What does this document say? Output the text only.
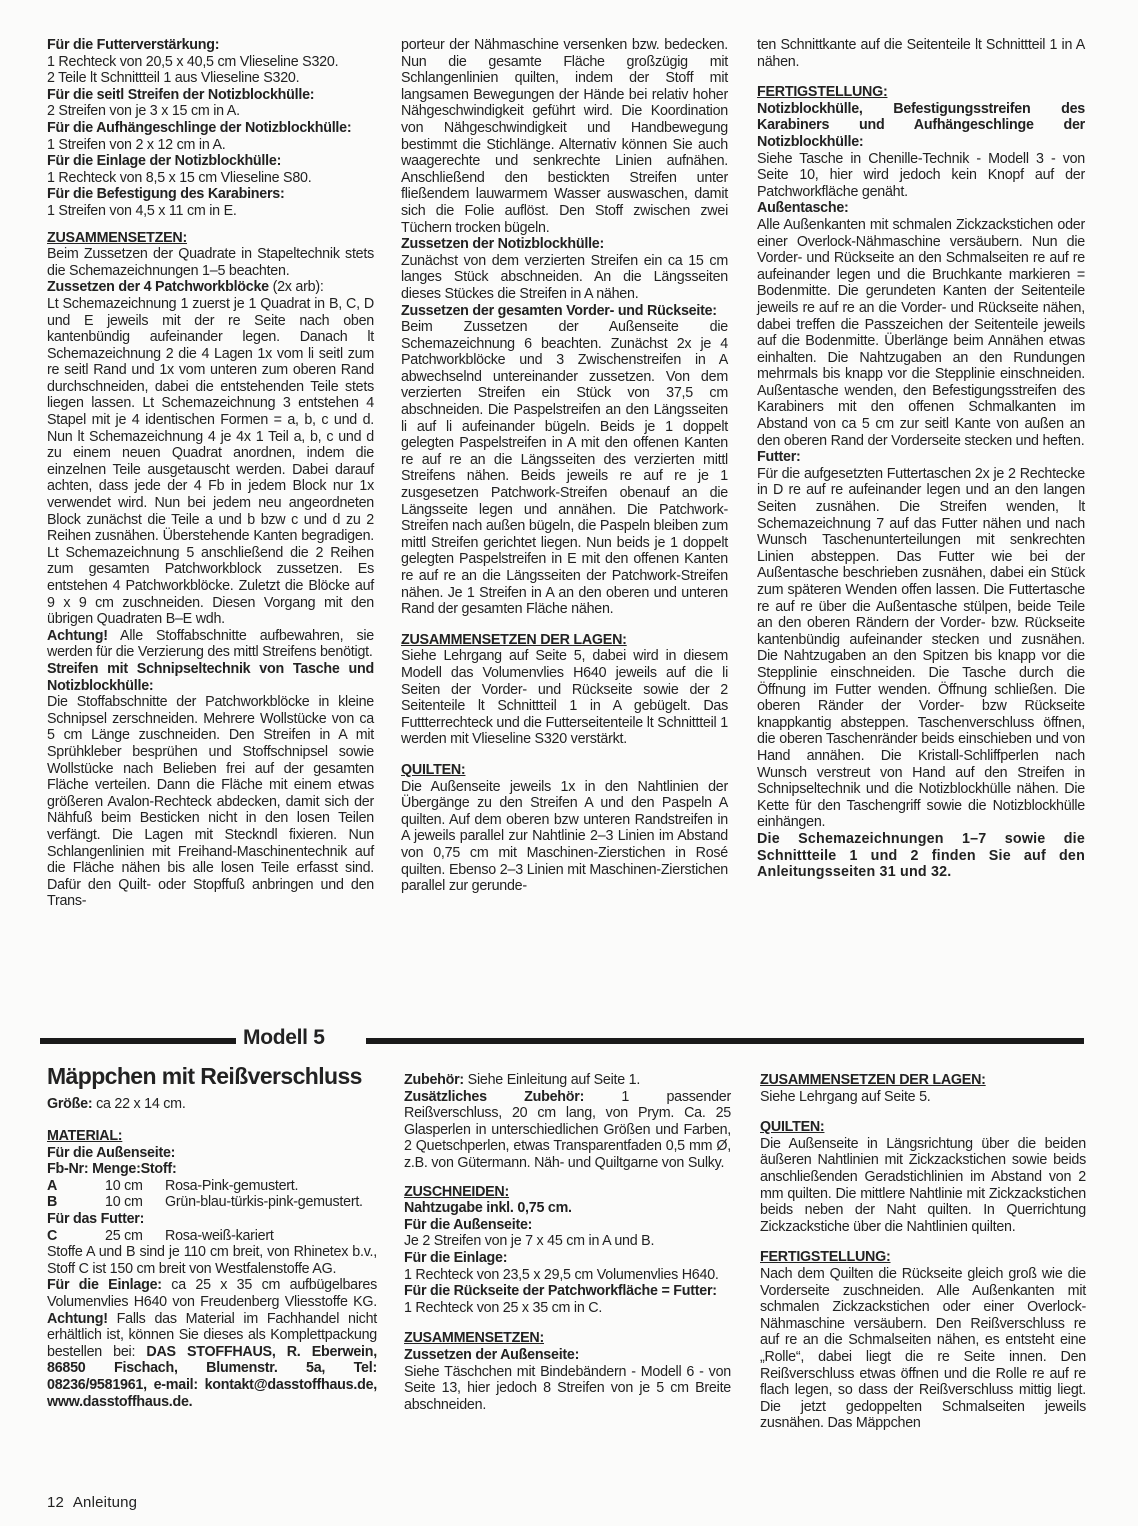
Für die Futterverstärkung:

1 Rechteck von 20,5 x 40,5 cm Vlieseline S320.

2 Teile lt Schnittteil 1 aus Vlieseline S320.

Für die seitl Streifen der Notizblockhülle:

2 Streifen von je 3 x 15 cm in A.

Für die Aufhängeschlinge der Notizblockhülle:

1 Streifen von 2 x 12 cm in A.

Für die Einlage der Notizblockhülle:

1 Rechteck von 8,5 x 15 cm Vlieseline S80.

Für die Befestigung des Karabiners:

1 Streifen von 4,5 x 11 cm in E.

ZUSAMMENSETZEN:

Beim Zussetzen der Quadrate in Stapeltechnik stets die Schemazeichnungen 1–5 beachten.

Zussetzen der 4 Patchworkblöcke (2x arb):

Lt Schemazeichnung 1 zuerst je 1 Quadrat in B, C, D und E jeweils mit der re Seite nach oben kantenbündig aufeinander legen. Danach lt Schemazeichnung 2 die 4 Lagen 1x vom li seitl zum re seitl Rand und 1x vom unteren zum oberen Rand durchschneiden, dabei die entstehenden Teile stets liegen lassen. Lt Schemazeichnung 3 entstehen 4 Stapel mit je 4 identischen Formen = a, b, c und d. Nun lt Schemazeichnung 4 je 4x 1 Teil a, b, c und d zu einem neuen Quadrat anordnen, indem die einzelnen Teile ausgetauscht werden. Dabei darauf achten, dass jede der 4 Fb in jedem Block nur 1x verwendet wird. Nun bei jedem neu angeordneten Block zunächst die Teile a und b bzw c und d zu 2 Reihen zusnähen. Überstehende Kanten begradigen. Lt Schemazeichnung 5 anschließend die 2 Reihen zum gesamten Patchworkblock zussetzen. Es entstehen 4 Patchworkblöcke. Zuletzt die Blöcke auf 9 x 9 cm zuschneiden. Diesen Vorgang mit den übrigen Quadraten B–E wdh.

Achtung! Alle Stoffabschnitte aufbewahren, sie werden für die Verzierung des mittl Streifens benötigt.

Streifen mit Schnipseltechnik von Tasche und Notizblockhülle:

Die Stoffabschnitte der Patchworkblöcke in kleine Schnipsel zerschneiden. Mehrere Wollstücke von ca 5 cm Länge zuschneiden. Den Streifen in A mit Sprühkleber besprühen und Stoffschnipsel sowie Wollstücke nach Belieben frei auf der gesamten Fläche verteilen. Dann die Fläche mit einem etwas größeren Avalon-Rechteck abdecken, damit sich der Nähfuß beim Besticken nicht in den losen Teilen verfängt. Die Lagen mit Steckndl fixieren. Nun Schlangenlinien mit Freihand-Maschinentechnik auf die Fläche nähen bis alle losen Teile erfasst sind. Dafür den Quilt- oder Stopffuß anbringen und den Trans-

porteur der Nähmaschine versenken bzw. bedecken. Nun die gesamte Fläche großzügig mit Schlangenlinien quilten, indem der Stoff mit langsamen Bewegungen der Hände bei relativ hoher Nähgeschwindigkeit geführt wird. Die Koordination von Nähgeschwindigkeit und Handbewegung bestimmt die Stichlänge. Alternativ können Sie auch waagerechte und senkrechte Linien aufnähen. Anschließend den bestickten Streifen unter fließendem lauwarmem Wasser auswaschen, damit sich die Folie auflöst. Den Stoff zwischen zwei Tüchern trocken bügeln.

Zussetzen der Notizblockhülle:

Zunächst von dem verzierten Streifen ein ca 15 cm langes Stück abschneiden. An die Längsseiten dieses Stückes die Streifen in A nähen.

Zussetzen der gesamten Vorder- und Rückseite:

Beim Zussetzen der Außenseite die Schemazeichnung 6 beachten. Zunächst 2x je 4 Patchworkblöcke und 3 Zwischenstreifen in A abwechselnd untereinander zussetzen. Von dem verzierten Streifen ein Stück von 37,5 cm abschneiden. Die Paspelstreifen an den Längsseiten li auf li aufeinander bügeln. Beids je 1 doppelt gelegten Paspelstreifen in A mit den offenen Kanten re auf re an die Längsseiten des verzierten mittl Streifens nähen. Beids jeweils re auf re je 1 zusgesetzen Patchwork-Streifen obenauf an die Längsseite legen und annähen. Die Patchwork-Streifen nach außen bügeln, die Paspeln bleiben zum mittl Streifen gerichtet liegen. Nun beids je 1 doppelt gelegten Paspelstreifen in E mit den offenen Kanten re auf re an die Längsseiten der Patchwork-Streifen nähen. Je 1 Streifen in A an den oberen und unteren Rand der gesamten Fläche nähen.

ZUSAMMENSETZEN DER LAGEN:

Siehe Lehrgang auf Seite 5, dabei wird in diesem Modell das Volumenvlies H640 jeweils auf die li Seiten der Vorder- und Rückseite sowie der 2 Seitenteile lt Schnittteil 1 in A gebügelt. Das Futtterrechteck und die Futterseitenteile lt Schnittteil 1 werden mit Vlieseline S320 verstärkt.

QUILTEN:

Die Außenseite jeweils 1x in den Nahtlinien der Übergänge zu den Streifen A und den Paspeln A quilten. Auf dem oberen bzw unteren Randstreifen in A jeweils parallel zur Nahtlinie 2–3 Linien im Abstand von 0,75 cm mit Maschinen-Zierstichen in Rosé quilten. Ebenso 2–3 Linien mit Maschinen-Zierstichen parallel zur gerunde-

ten Schnittkante auf die Seitenteile lt Schnittteil 1 in A nähen.

FERTIGSTELLUNG:

Notizblockhülle, Befestigungsstreifen des Karabiners und Aufhängeschlinge der Notizblockhülle:

Siehe Tasche in Chenille-Technik - Modell 3 - von Seite 10, hier wird jedoch kein Knopf auf der Patchworkfläche genäht.

Außentasche:

Alle Außenkanten mit schmalen Zickzackstichen oder einer Overlock-Nähmaschine versäubern. Nun die Vorder- und Rückseite an den Schmalseiten re auf re aufeinander legen und die Bruchkante markieren = Bodenmitte. Die gerundeten Kanten der Seitenteile jeweils re auf re an die Vorder- und Rückseite nähen, dabei treffen die Passzeichen der Seitenteile jeweils auf die Bodenmitte. Überlänge beim Annähen etwas einhalten. Die Nahtzugaben an den Rundungen mehrmals bis knapp vor die Stepplinie einschneiden. Außentasche wenden, den Befestigungsstreifen des Karabiners mit den offenen Schmalkanten im Abstand von ca 5 cm zur seitl Kante von außen an den oberen Rand der Vorderseite stecken und heften.

Futter:

Für die aufgesetzten Futtertaschen 2x je 2 Rechtecke in D re auf re aufeinander legen und an den langen Seiten zusnähen. Die Streifen wenden, lt Schemazeichnung 7 auf das Futter nähen und nach Wunsch Taschenunterteilungen mit senkrechten Linien absteppen. Das Futter wie bei der Außentasche beschrieben zusnähen, dabei ein Stück zum späteren Wenden offen lassen. Die Futtertasche re auf re über die Außentasche stülpen, beide Teile an den oberen Rändern der Vorder- bzw. Rückseite kantenbündig aufeinander stecken und zusnähen. Die Nahtzugaben an den Spitzen bis knapp vor die Stepplinie einschneiden. Die Tasche durch die Öffnung im Futter wenden. Öffnung schließen. Die oberen Ränder der Vorder- bzw Rückseite knappkantig absteppen. Taschenverschluss öffnen, die oberen Taschenränder beids einschieben und von Hand annähen. Die Kristall-Schliffperlen nach Wunsch verstreut von Hand auf den Streifen in Schnipseltechnik und die Notizblockhülle nähen. Die Kette für den Taschengriff sowie die Notizblockhülle einhängen.

Die Schemazeichnungen 1–7 sowie die Schnittteile 1 und 2 finden Sie auf den Anleitungsseiten 31 und 32.

Modell 5
Mäppchen mit Reißverschluss
Größe: ca 22 x 14 cm.

MATERIAL:

Für die Außenseite:

Fb-Nr: Menge:Stoff:

A	10 cm	Rosa-Pink-gemustert.
B	10 cm	Grün-blau-türkis-pink-gemustert.

Für das Futter:

C	25 cm	Rosa-weiß-kariert

Stoffe A und B sind je 110 cm breit, von Rhinetex b.v., Stoff C ist 150 cm breit von Westfalenstoffe AG.

Für die Einlage: ca 25 x 35 cm aufbügelbares Volumenvlies H640 von Freudenberg Vliesstoffe KG. Achtung! Falls das Material im Fachhandel nicht erhältlich ist, können Sie dieses als Komplettpackung bestellen bei: DAS STOFFHAUS, R. Eberwein, 86850 Fischach, Blumenstr. 5a, Tel: 08236/9581961, e-mail: kontakt@dasstoffhaus.de, www.dasstoffhaus.de.

Zubehör: Siehe Einleitung auf Seite 1.

Zusätzliches Zubehör: 1 passender Reißverschluss, 20 cm lang, von Prym. Ca. 25 Glasperlen in unterschiedlichen Größen und Farben, 2 Quetschperlen, etwas Transparentfaden 0,5 mm Ø, z.B. von Gütermann. Näh- und Quiltgarne von Sulky.

ZUSCHNEIDEN:

Nahtzugabe inkl. 0,75 cm.

Für die Außenseite:

Je 2 Streifen von je 7 x 45 cm in A und B.

Für die Einlage:

1 Rechteck von 23,5 x 29,5 cm Volumenvlies H640.

Für die Rückseite der Patchworkfläche = Futter:

1 Rechteck von 25 x 35 cm in C.

ZUSAMMENSETZEN:

Zussetzen der Außenseite:

Siehe Täschchen mit Bindebändern - Modell 6 - von Seite 13, hier jedoch 8 Streifen von je 5 cm Breite abschneiden.

ZUSAMMENSETZEN DER LAGEN:

Siehe Lehrgang auf Seite 5.

QUILTEN:

Die Außenseite in Längsrichtung über die beiden äußeren Nahtlinien mit Zickzackstichen sowie beids anschließenden Geradstichlinien im Abstand von 2 mm quilten. Die mittlere Nahtlinie mit Zickzackstichen beids neben der Naht quilten. In Querrichtung Zickzackstiche über die Nahtlinien quilten.

FERTIGSTELLUNG:

Nach dem Quilten die Rückseite gleich groß wie die Vorderseite zuschneiden. Alle Außenkanten mit schmalen Zickzackstichen oder einer Overlock-Nähmaschine versäubern. Den Reißverschluss re auf re an die Schmalseiten nähen, es entsteht eine „Rolle“, dabei liegt die re Seite innen. Den Reißverschluss etwas öffnen und die Rolle re auf re flach legen, so dass der Reißverschluss mittig liegt. Die jetzt gedoppelten Schmalseiten jeweils zusnähen. Das Mäppchen

12 Anleitung
